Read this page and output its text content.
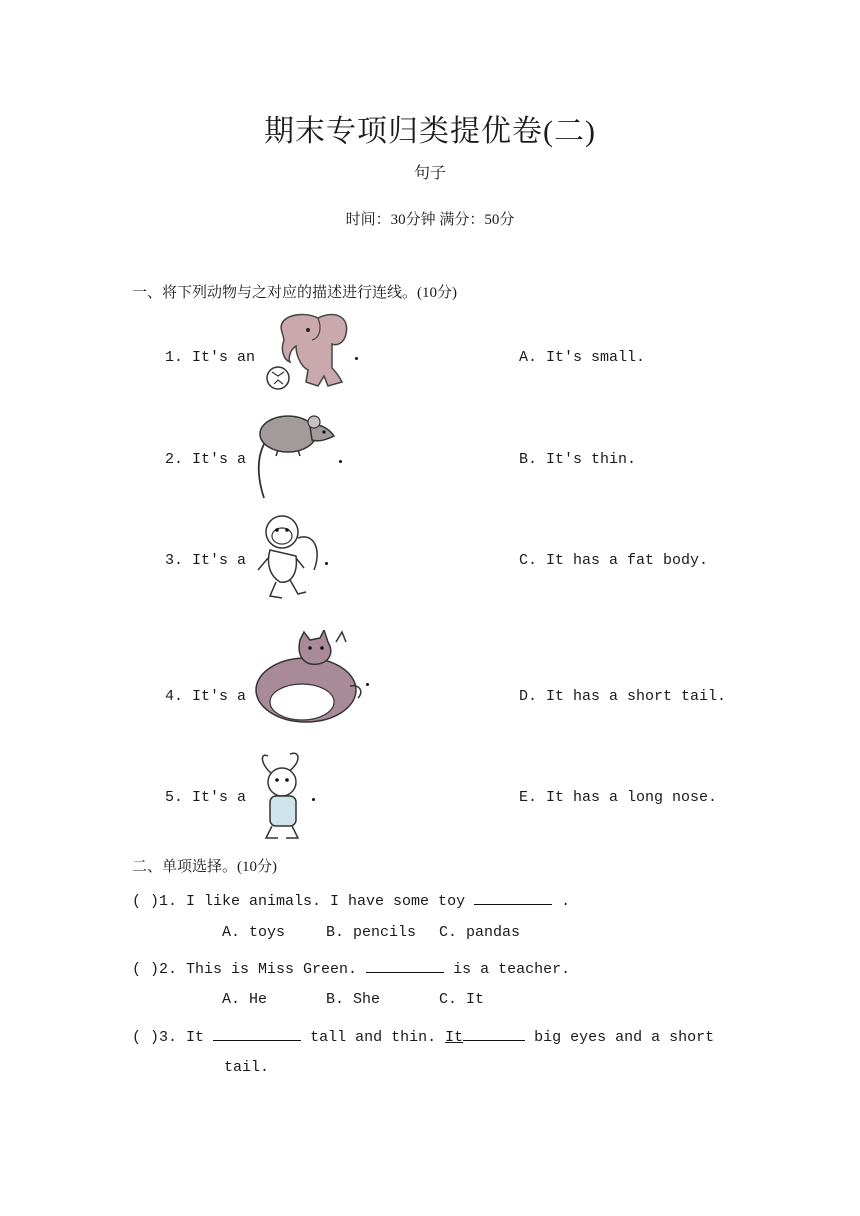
期末专项归类提优卷(二)
句子
时间：30分钟 满分：50分
一、将下列动物与之对应的描述进行连线。(10分)
1. It's an	A. It's small.
2. It's a	B. It's thin.
3. It's a	C. It has a fat body.
4. It's a	D. It has a short tail.
5. It's a	E. It has a long nose.
二、单项选择。(10分)
( )1. I like animals. I have some toy	.
A. toys	B. pencils C. pandas
( )2. This is Miss Green.	is a teacher.
A. He	B. She	C. It
( )3. It	tall and thin. It	big eyes and a short
tail.
